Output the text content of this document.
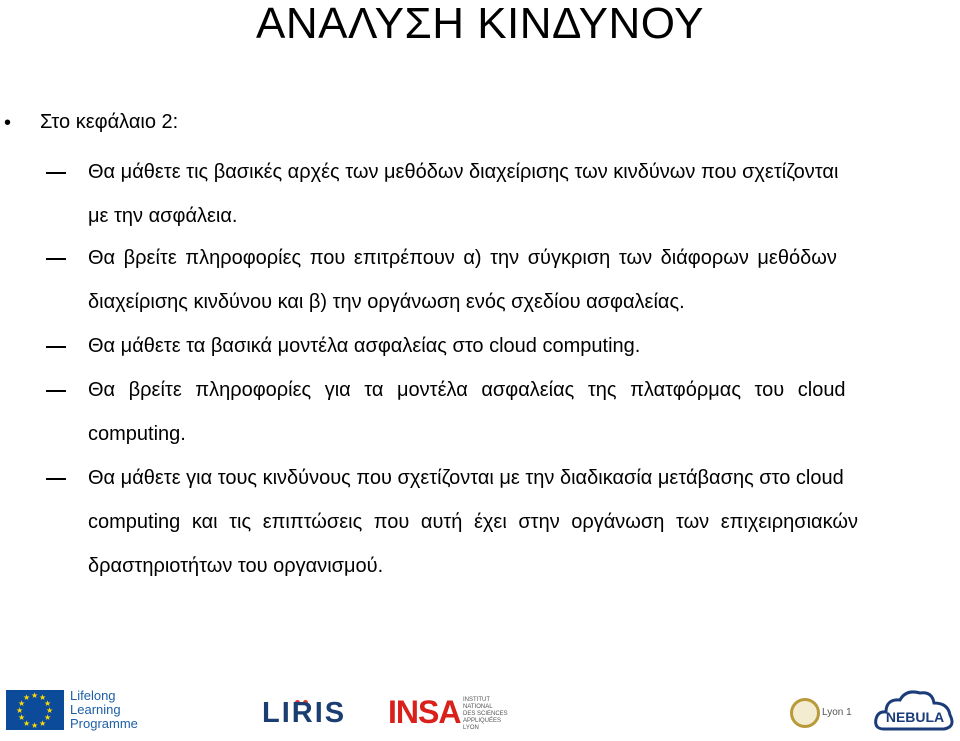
ΑΝΑΛΥΣΗ ΚΙΝΔΥΝΟΥ
• Στο κεφάλαιο 2:
Θα μάθετε τις βασικές αρχές των μεθόδων διαχείρισης των κινδύνων που σχετίζονται
με την ασφάλεια.
Θα βρείτε πληροφορίες που επιτρέπουν α) την σύγκριση των διάφορων μεθόδων
διαχείρισης κινδύνου και β) την οργάνωση ενός σχεδίου ασφαλείας.
Θα μάθετε τα βασικά μοντέλα ασφαλείας στο cloud computing.
Θα βρείτε πληροφορίες για τα μοντέλα ασφαλείας της πλατφόρμας του cloud
computing.
Θα μάθετε για τους κινδύνους που σχετίζονται με την διαδικασία μετάβασης στο cloud
computing και τις επιπτώσεις που αυτή έχει στην οργάνωση των επιχειρησιακών
δραστηριοτήτων του οργανισμού.
★ ★
★
★
★
★
★
★
★
★
★
★	Lifelong
Learning
Programme	LIRIS INSA INSTITUT NATIONAL
DES SCIENCES
APPLIQUÉES
LYON
Lyon 1	NEBULA
